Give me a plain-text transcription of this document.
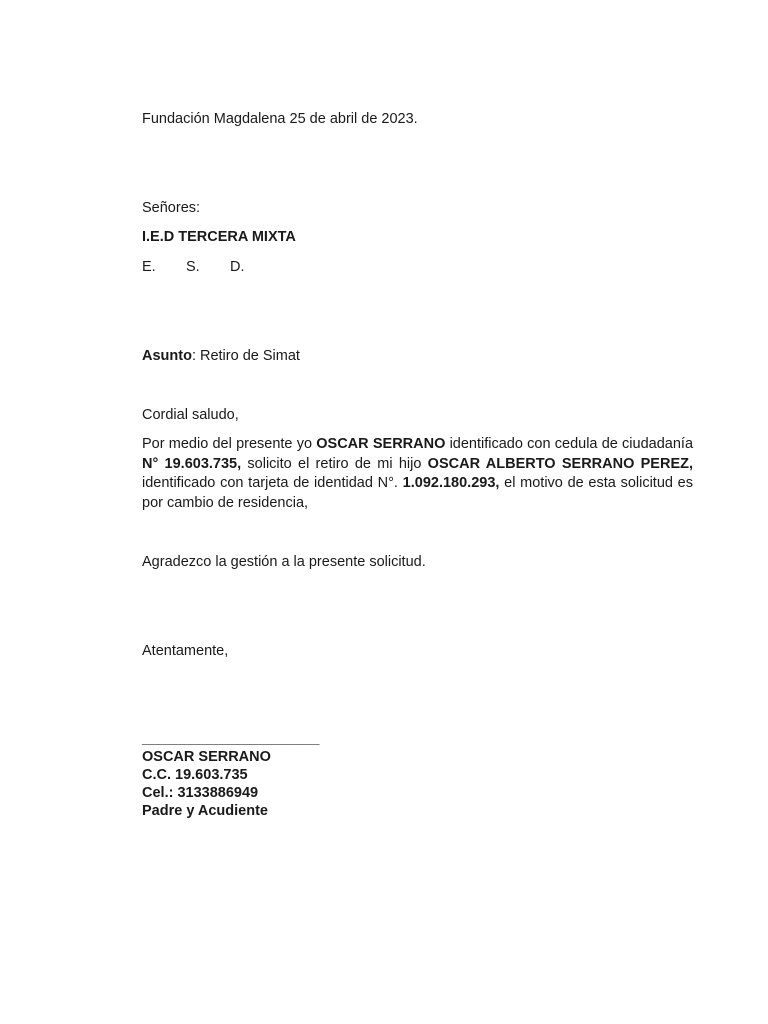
Fundación Magdalena 25 de abril de 2023.
Señores:
I.E.D TERCERA MIXTA
E. S. D.
Asunto: Retiro de Simat
Cordial saludo,
Por medio del presente yo OSCAR SERRANO identificado con cedula de ciudadanía N° 19.603.735, solicito el retiro de mi hijo OSCAR ALBERTO SERRANO PEREZ, identificado con tarjeta de identidad N°. 1.092.180.293, el motivo de esta solicitud es por cambio de residencia,
Agradezco la gestión a la presente solicitud.
Atentamente,
______________________
OSCAR SERRANO
C.C. 19.603.735
Cel.: 3133886949
Padre y Acudiente
